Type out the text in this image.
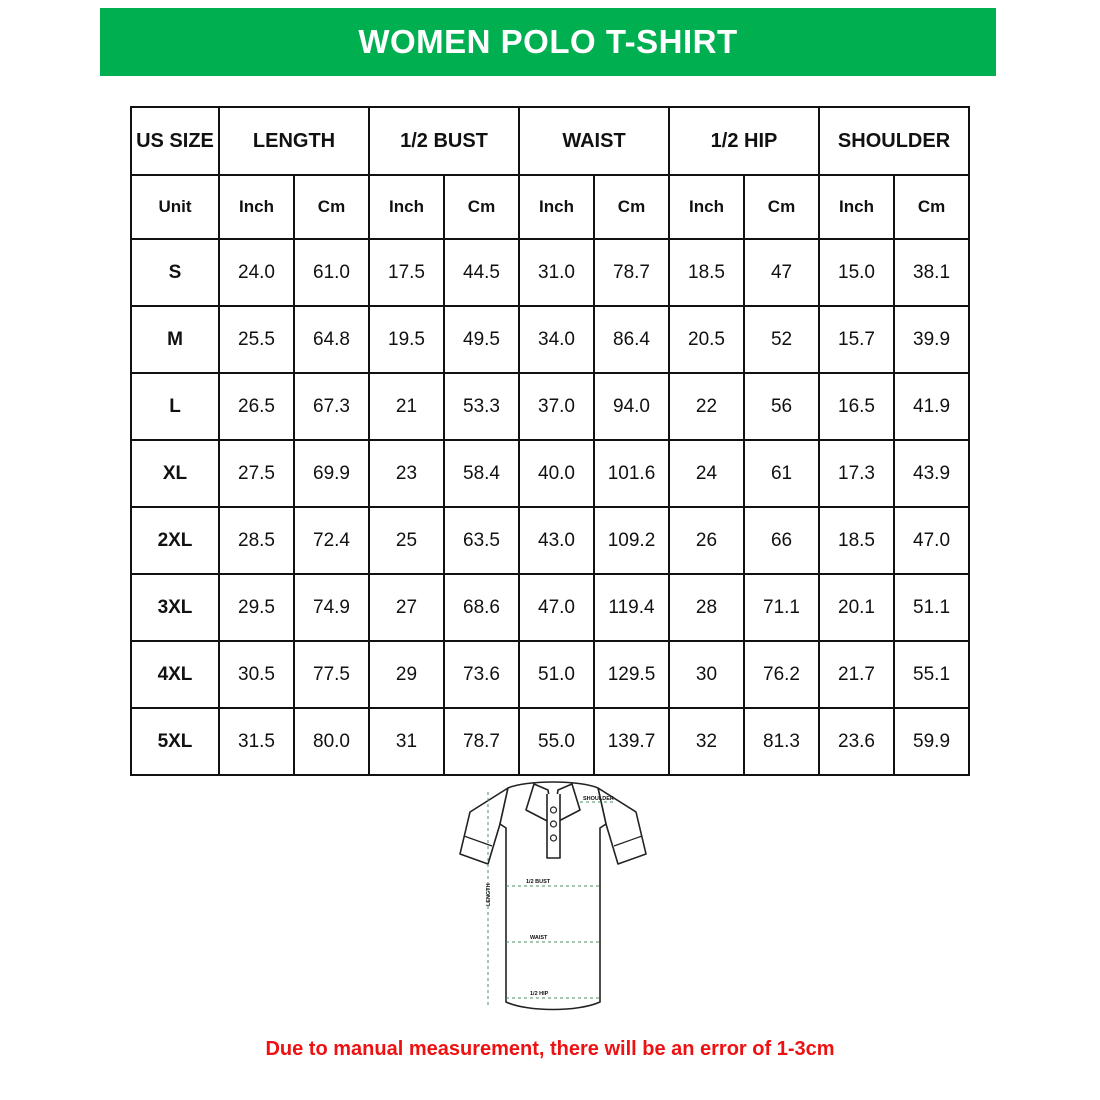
WOMEN POLO T-SHIRT
US SIZE	LENGTH		1/2 BUST		WAIST		1/2 HIP		SHOULDER	
Unit	Inch	Cm	Inch	Cm	Inch	Cm	Inch	Cm	Inch	Cm
S	24.0	61.0	17.5	44.5	31.0	78.7	18.5	47	15.0	38.1
M	25.5	64.8	19.5	49.5	34.0	86.4	20.5	52	15.7	39.9
L	26.5	67.3	21	53.3	37.0	94.0	22	56	16.5	41.9
XL	27.5	69.9	23	58.4	40.0	101.6	24	61	17.3	43.9
2XL	28.5	72.4	25	63.5	43.0	109.2	26	66	18.5	47.0
3XL	29.5	74.9	27	68.6	47.0	119.4	28	71.1	20.1	51.1
4XL	30.5	77.5	29	73.6	51.0	129.5	30	76.2	21.7	55.1
5XL	31.5	80.0	31	78.7	55.0	139.7	32	81.3	23.6	59.9
SHOULDER
LENGTH
1/2 BUST
WAIST
1/2 HIP
Due to manual measurement, there will be an error of 1-3cm
